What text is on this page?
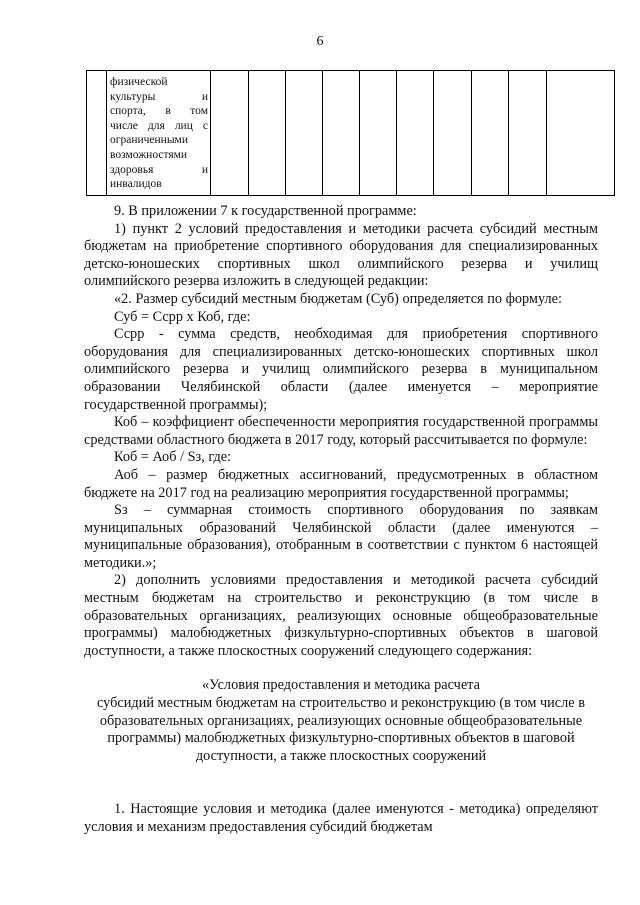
6

физической
культуры и
спорта, в том
числе для лиц с
ограниченными
возможностями
здоровья и
инвалидов

9. В приложении 7 к государственной программе:

1) пункт 2 условий предоставления и методики расчета субсидий местным бюджетам на приобретение спортивного оборудования для специализированных детско-юношеских спортивных школ олимпийского резерва и училищ олимпийского резерва изложить в следующей редакции:

«2. Размер субсидий местным бюджетам (Суб) определяется по формуле:

Суб = Ссрр х Коб, где:

Ссрр - сумма средств, необходимая для приобретения спортивного оборудования для специализированных детско-юношеских спортивных школ олимпийского резерва и училищ олимпийского резерва в муниципальном образовании Челябинской области (далее именуется – мероприятие государственной программы);

Коб – коэффициент обеспеченности мероприятия государственной программы средствами областного бюджета в 2017 году, который рассчитывается по формуле:

Коб = Аоб / Sз, где:

Аоб – размер бюджетных ассигнований, предусмотренных в областном бюджете на 2017 год на реализацию мероприятия государственной программы;

Sз – суммарная стоимость спортивного оборудования по заявкам муниципальных образований Челябинской области (далее именуются – муниципальные образования), отобранным в соответствии с пунктом 6 настоящей методики.»;

2) дополнить условиями предоставления и методикой расчета субсидий местным бюджетам на строительство и реконструкцию (в том числе в образовательных организациях, реализующих основные общеобразовательные программы) малобюджетных физкультурно-спортивных объектов в шаговой доступности, а также плоскостных сооружений следующего содержания:

«Условия предоставления и методика расчета
субсидий местным бюджетам на строительство и реконструкцию (в том числе в
образовательных организациях, реализующих основные общеобразовательные
программы) малобюджетных физкультурно-спортивных объектов в шаговой
доступности, а также плоскостных сооружений

1. Настоящие условия и методика (далее именуются - методика) определяют условия и механизм предоставления субсидий бюджетам
